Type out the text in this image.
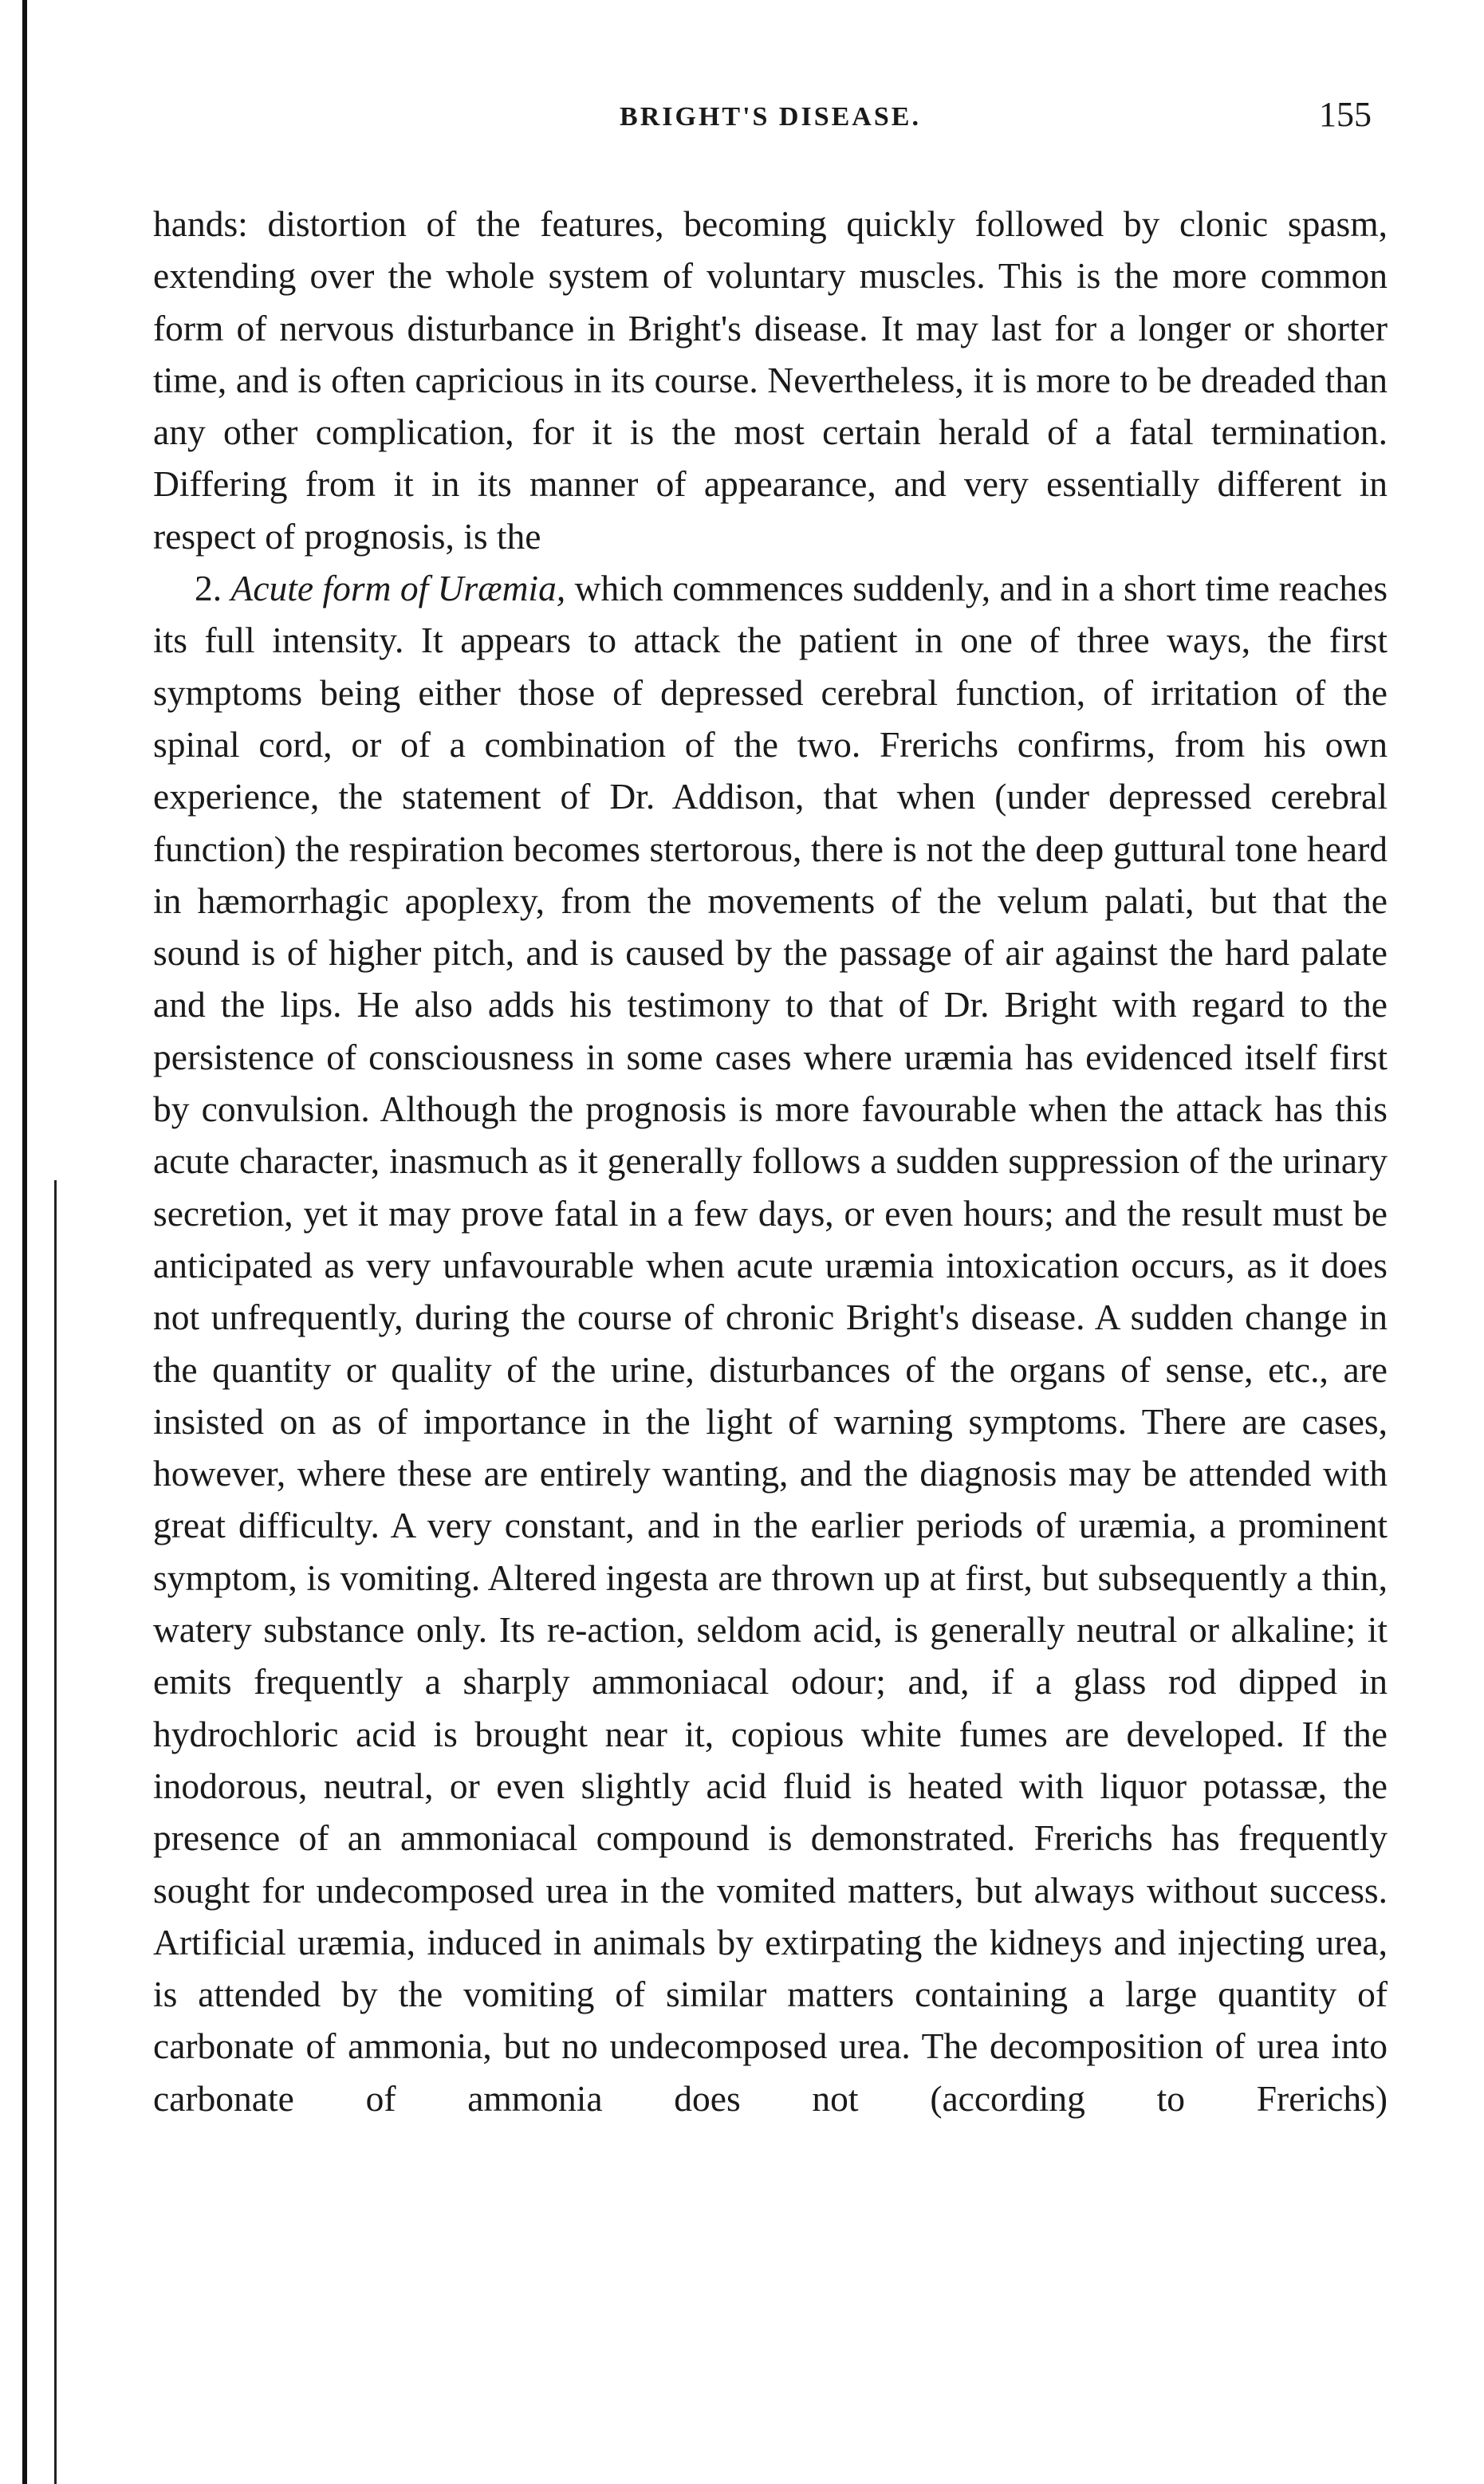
BRIGHT'S DISEASE.	155

hands: distortion of the features, becoming quickly followed by clonic spasm, extending over the whole system of voluntary muscles. This is the more common form of nervous disturbance in Bright's disease. It may last for a longer or shorter time, and is often capricious in its course. Nevertheless, it is more to be dreaded than any other complication, for it is the most certain herald of a fatal termination. Differing from it in its manner of appearance, and very essentially different in respect of prognosis, is the

2. Acute form of Uræmia, which commences suddenly, and in a short time reaches its full intensity. It appears to attack the patient in one of three ways, the first symptoms being either those of depressed cerebral function, of irritation of the spinal cord, or of a combination of the two. Frerichs confirms, from his own experience, the statement of Dr. Addison, that when (under depressed cerebral function) the respiration becomes stertorous, there is not the deep guttural tone heard in hæmorrhagic apoplexy, from the movements of the velum palati, but that the sound is of higher pitch, and is caused by the passage of air against the hard palate and the lips. He also adds his testimony to that of Dr. Bright with regard to the persistence of consciousness in some cases where uræmia has evidenced itself first by convulsion. Although the prognosis is more favourable when the attack has this acute character, inasmuch as it generally follows a sudden suppression of the urinary secretion, yet it may prove fatal in a few days, or even hours; and the result must be anticipated as very unfavourable when acute uræmia intoxication occurs, as it does not unfrequently, during the course of chronic Bright's disease. A sudden change in the quantity or quality of the urine, disturbances of the organs of sense, etc., are insisted on as of importance in the light of warning symptoms. There are cases, however, where these are entirely wanting, and the diagnosis may be attended with great difficulty. A very constant, and in the earlier periods of uræmia, a prominent symptom, is vomiting. Altered ingesta are thrown up at first, but subsequently a thin, watery substance only. Its re-action, seldom acid, is generally neutral or alkaline; it emits frequently a sharply ammoniacal odour; and, if a glass rod dipped in hydrochloric acid is brought near it, copious white fumes are developed. If the inodorous, neutral, or even slightly acid fluid is heated with liquor potassæ, the presence of an ammoniacal compound is demonstrated. Frerichs has frequently sought for undecomposed urea in the vomited matters, but always without success. Artificial uræmia, induced in animals by extirpating the kidneys and injecting urea, is attended by the vomiting of similar matters containing a large quantity of carbonate of ammonia, but no undecomposed urea. The decomposition of urea into carbonate of ammonia does not (according to Frerichs)
